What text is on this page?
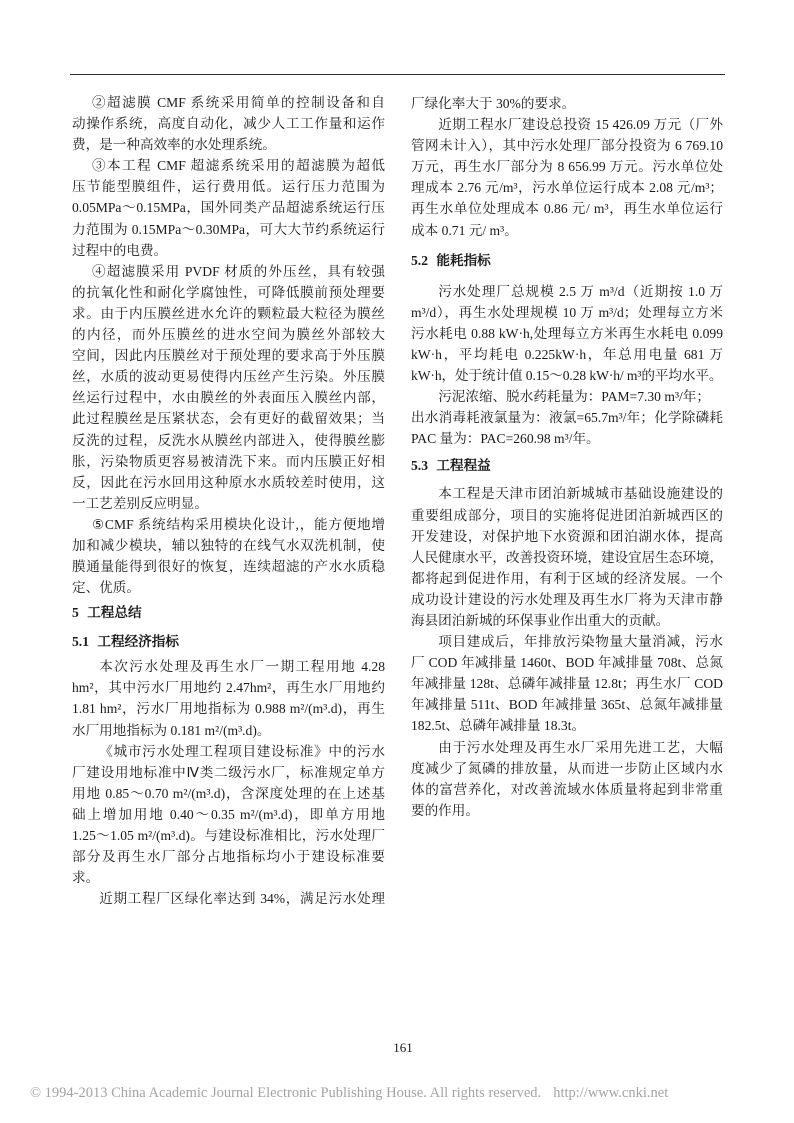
②超滤膜 CMF 系统采用简单的控制设备和自
动操作系统，高度自动化，减少人工工作量和运作
费，是一种高效率的水处理系统。
③本工程 CMF 超滤系统采用的超滤膜为超低
压节能型膜组件，运行费用低。运行压力范围为
0.05MPa～0.15MPa，国外同类产品超滤系统运行压
力范围为 0.15MPa～0.30MPa，可大大节约系统运行
过程中的电费。
④超滤膜采用 PVDF 材质的外压丝，具有较强
的抗氧化性和耐化学腐蚀性，可降低膜前预处理要
求。由于内压膜丝进水允许的颗粒最大粒径为膜丝
的内径，而外压膜丝的进水空间为膜丝外部较大
空间，因此内压膜丝对于预处理的要求高于外压膜
丝，水质的波动更易使得内压丝产生污染。外压膜
丝运行过程中，水由膜丝的外表面压入膜丝内部，
此过程膜丝是压紧状态，会有更好的截留效果；当
反洗的过程，反洗水从膜丝内部进入，使得膜丝膨
胀，污染物质更容易被清洗下来。而内压膜正好相
反，因此在污水回用这种原水水质较差时使用，这
一工艺差别反应明显。
⑤CMF 系统结构采用模块化设计,，能方便地增
加和减少模块，辅以独特的在线气水双洗机制，使
膜通量能得到很好的恢复，连续超滤的产水水质稳
定、优质。
5 工程总结
5.1 工程经济指标
本次污水处理及再生水厂一期工程用地 4.28
hm²，其中污水厂用地约 2.47hm²，再生水厂用地约
1.81 hm²，污水厂用地指标为 0.988 m²/(m³.d)，再生
水厂用地指标为 0.181 m²/(m³.d)。
《城市污水处理工程项目建设标准》中的污水
厂建设用地标准中Ⅳ类二级污水厂，标准规定单方
用地 0.85～0.70 m²/(m³.d)，含深度处理的在上述基
础上增加用地 0.40～0.35 m²/(m³.d)，即单方用地
1.25～1.05 m²/(m³.d)。与建设标准相比，污水处理厂
部分及再生水厂部分占地指标均小于建设标准要
求。
近期工程厂区绿化率达到 34%，满足污水处理
厂绿化率大于 30%的要求。
近期工程水厂建设总投资 15 426.09 万元（厂外
管网未计入），其中污水处理厂部分投资为 6 769.10
万元，再生水厂部分为 8 656.99 万元。污水单位处
理成本 2.76 元/m³，污水单位运行成本 2.08 元/m³；
再生水单位处理成本 0.86 元/ m³，再生水单位运行
成本 0.71 元/ m³。
5.2 能耗指标
污水处理厂总规模 2.5 万 m³/d（近期按 1.0 万
m³/d），再生水处理规模 10 万 m³/d；处理每立方米
污水耗电 0.88 kW·h,处理每立方米再生水耗电 0.099
kW·h，平均耗电 0.225kW·h，年总用电量 681 万
kW·h，处于统计值 0.15～0.28 kW·h/ m³的平均水平。
污泥浓缩、脱水药耗量为：PAM=7.30 m³/年；
出水消毒耗液氯量为：液氯=65.7m³/年；化学除磷耗
PAC 量为：PAC=260.98 m³/年。
5.3 工程程益
本工程是天津市团泊新城城市基础设施建设的
重要组成部分，项目的实施将促进团泊新城西区的
开发建设，对保护地下水资源和团泊湖水体，提高
人民健康水平，改善投资环境，建设宜居生态环境，
都将起到促进作用，有利于区域的经济发展。一个
成功设计建设的污水处理及再生水厂将为天津市静
海县团泊新城的环保事业作出重大的贡献。
项目建成后，年排放污染物量大量消减，污水
厂 COD 年减排量 1460t、BOD 年减排量 708t、总氮
年减排量 128t、总磷年减排量 12.8t；再生水厂 COD
年减排量 511t、BOD 年减排量 365t、总氮年减排量
182.5t、总磷年减排量 18.3t。
由于污水处理及再生水厂采用先进工艺，大幅
度减少了氮磷的排放量，从而进一步防止区域内水
体的富营养化，对改善流域水体质量将起到非常重
要的作用。
161
© 1994-2013 China Academic Journal Electronic Publishing House. All rights reserved. http://www.cnki.net
